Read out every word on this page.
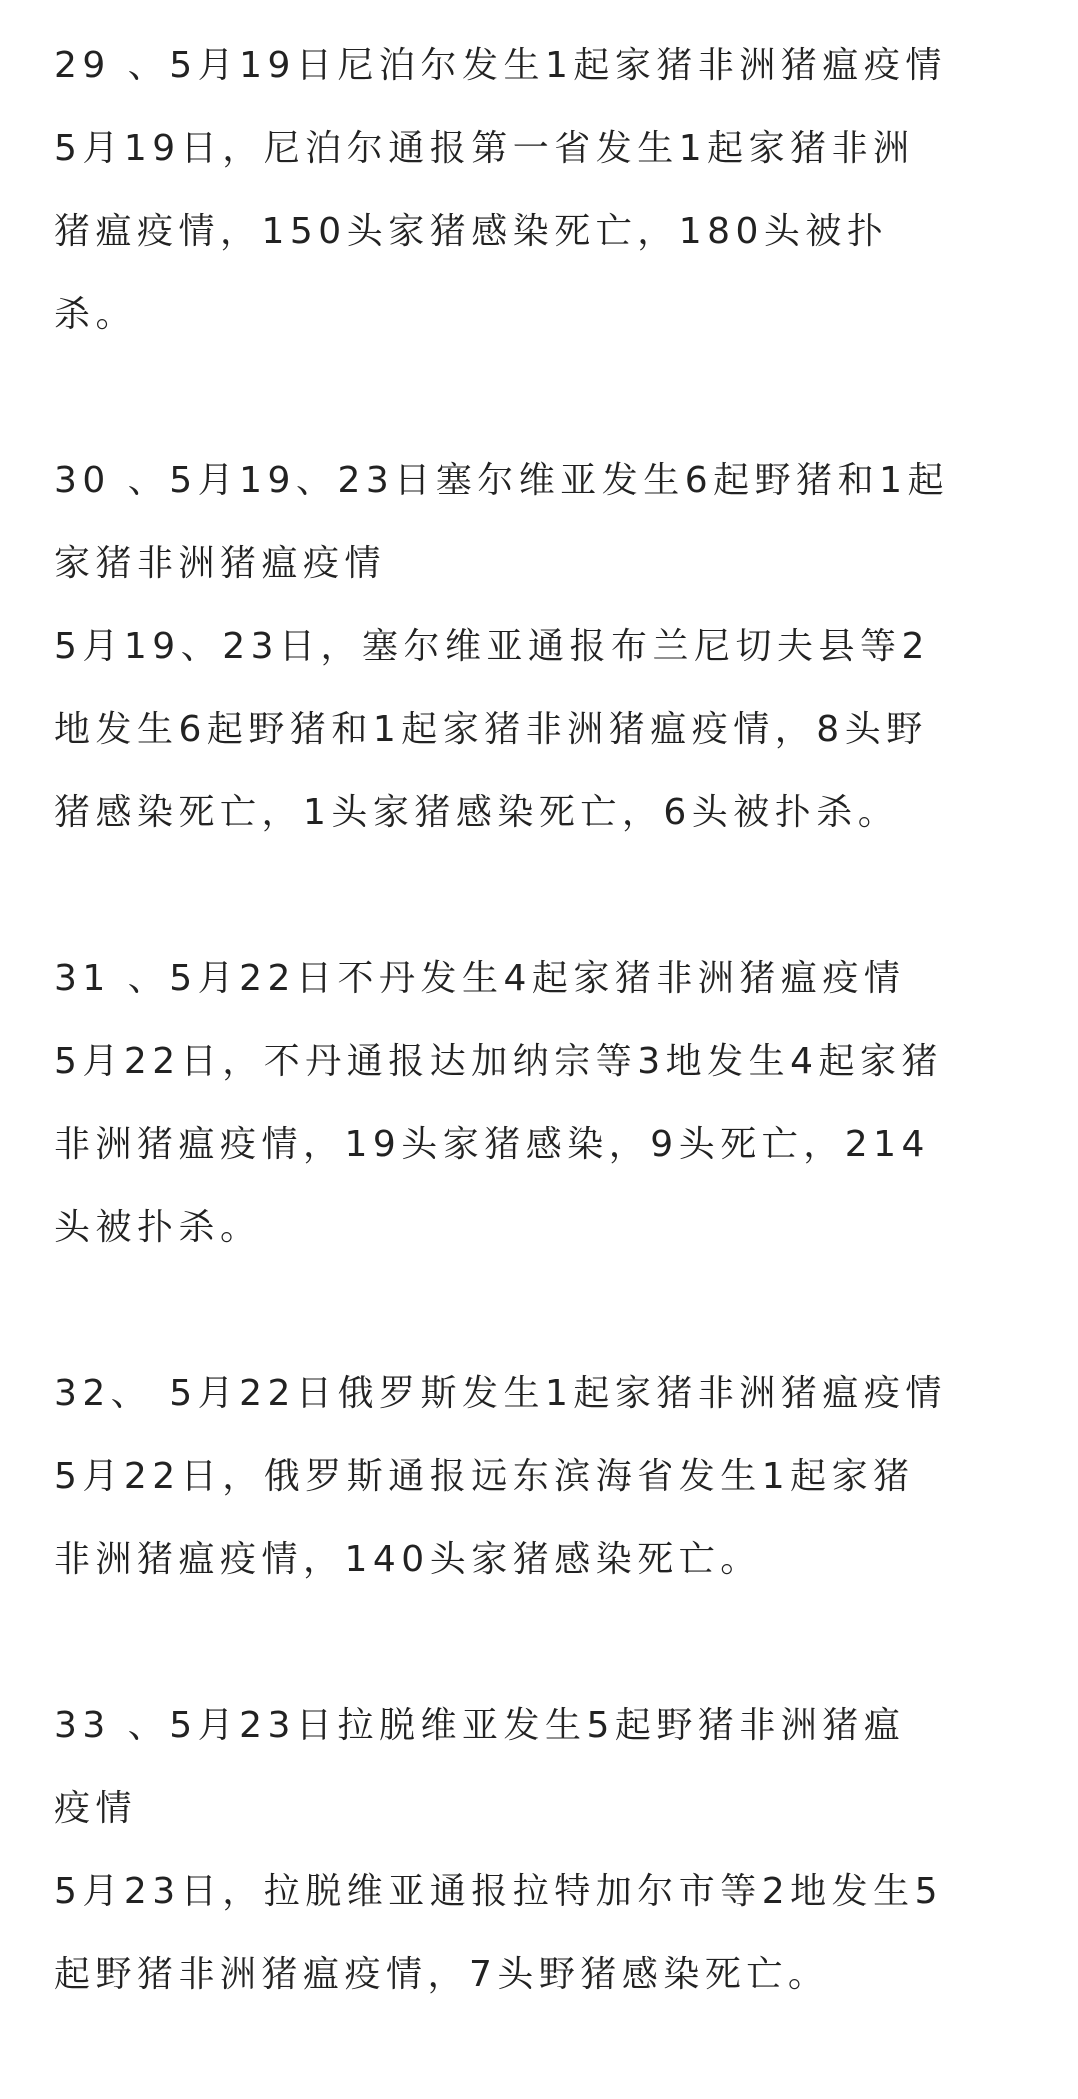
29 、5月19日尼泊尔发生1起家猪非洲猪瘟疫情
5月19日，尼泊尔通报第一省发生1起家猪非洲
猪瘟疫情，150头家猪感染死亡，180头被扑
杀。
30 、5月19、23日塞尔维亚发生6起野猪和1起
家猪非洲猪瘟疫情
5月19、23日，塞尔维亚通报布兰尼切夫县等2
地发生6起野猪和1起家猪非洲猪瘟疫情，8头野
猪感染死亡，1头家猪感染死亡，6头被扑杀。
31 、5月22日不丹发生4起家猪非洲猪瘟疫情
5月22日，不丹通报达加纳宗等3地发生4起家猪
非洲猪瘟疫情，19头家猪感染，9头死亡，214
头被扑杀。
32、 5月22日俄罗斯发生1起家猪非洲猪瘟疫情
5月22日，俄罗斯通报远东滨海省发生1起家猪
非洲猪瘟疫情，140头家猪感染死亡。
33 、5月23日拉脱维亚发生5起野猪非洲猪瘟
疫情
5月23日，拉脱维亚通报拉特加尔市等2地发生5
起野猪非洲猪瘟疫情，7头野猪感染死亡。
